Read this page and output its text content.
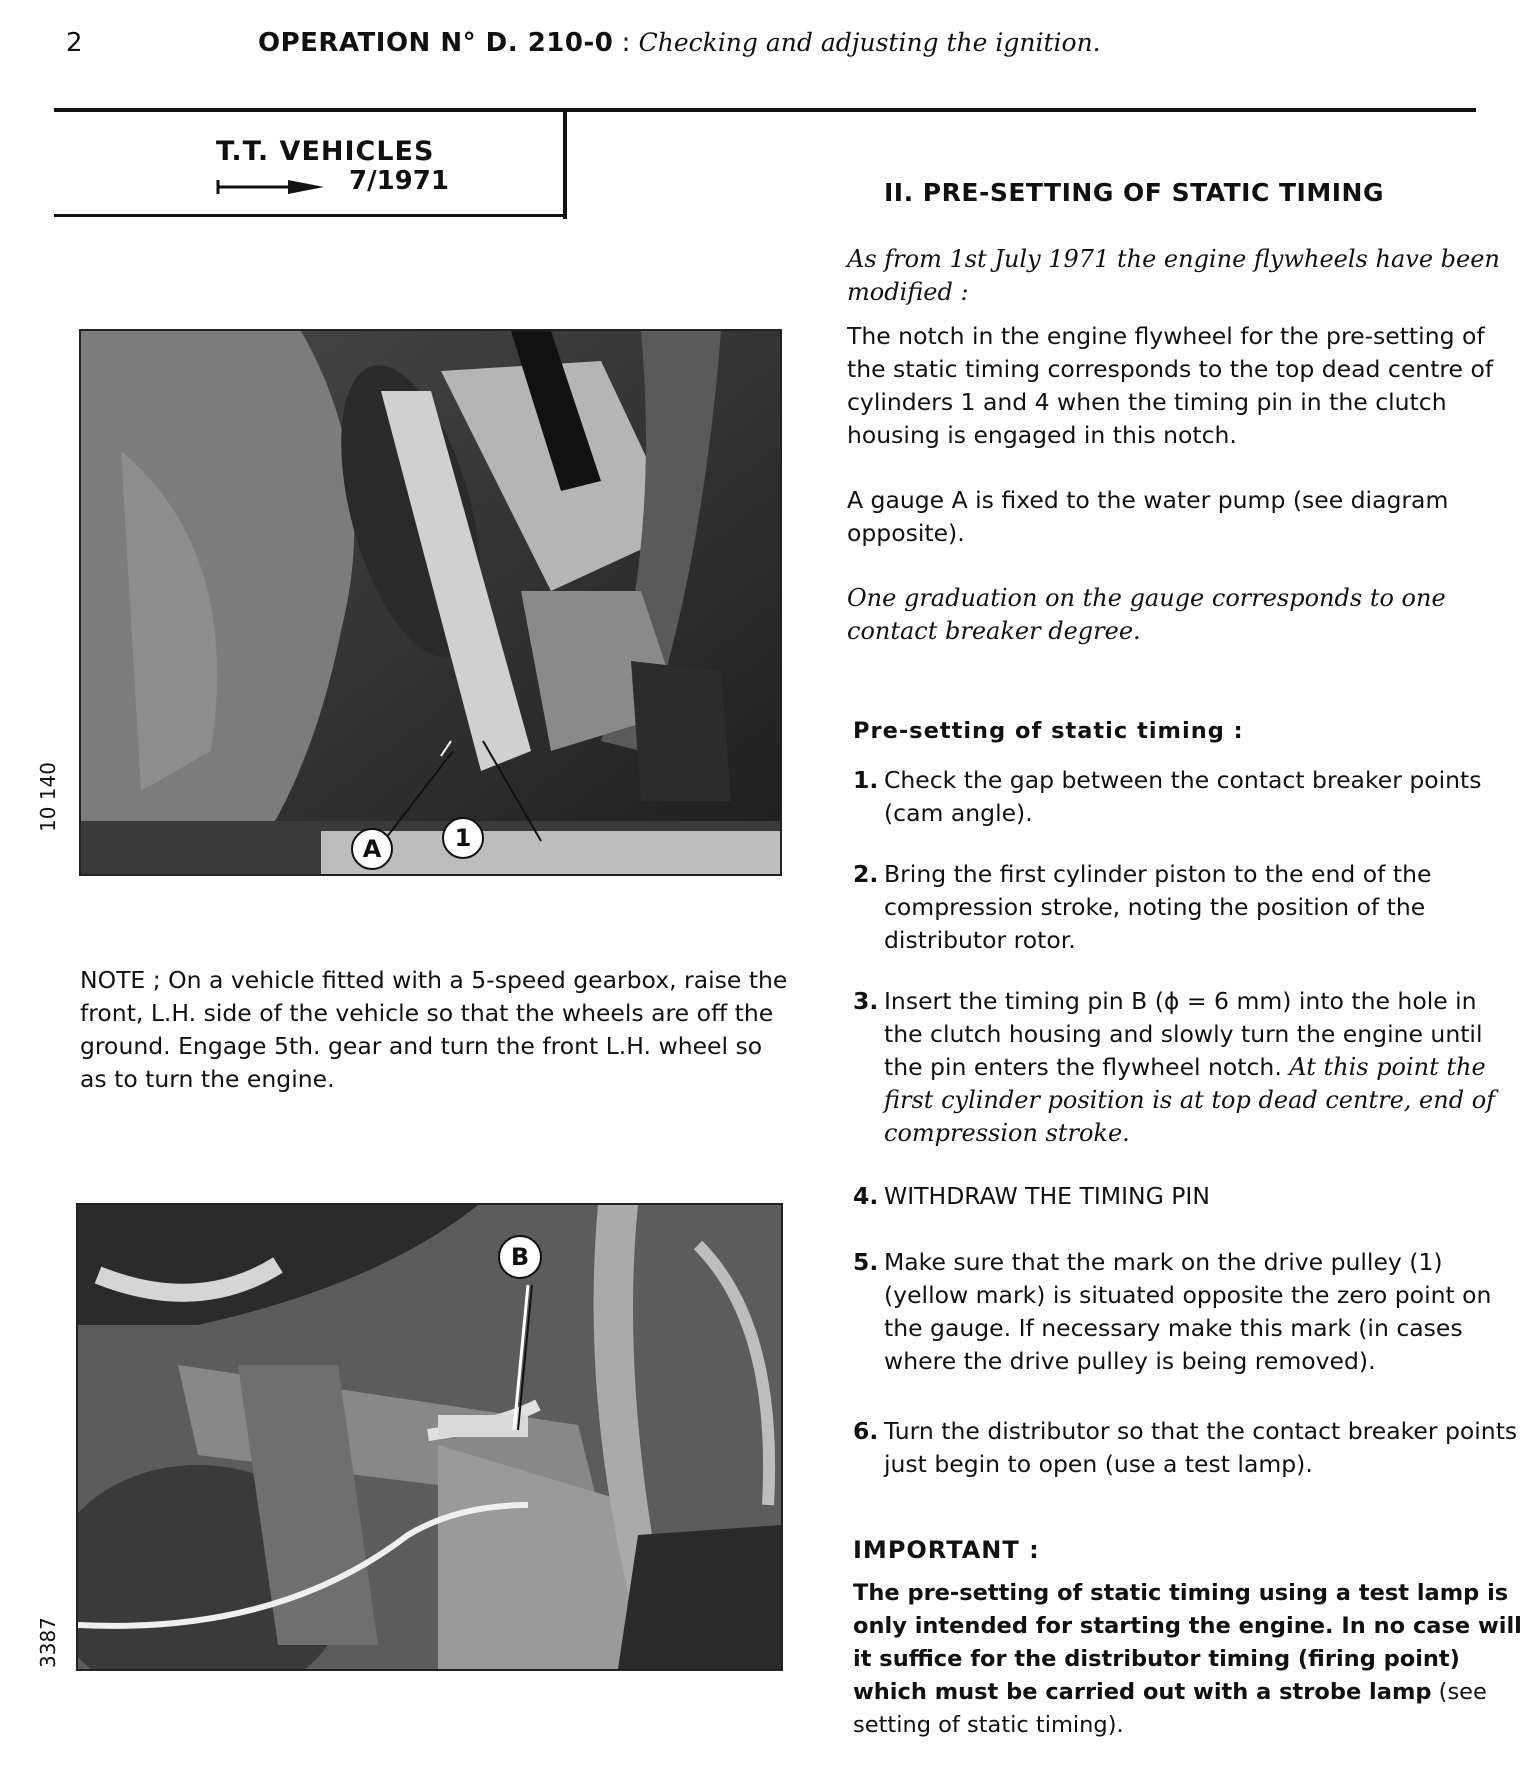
2	OPERATION N° D. 210-0 : Checking and adjusting the ignition.
T.T. VEHICLES
7/1971	II. PRE-SETTING OF STATIC TIMING
As from 1st July 1971 the engine flywheels have been modified :
The notch in the engine flywheel for the pre-setting of the static timing corresponds to the top dead centre of cylinders 1 and 4 when the timing pin in the clutch housing is engaged in this notch.
A gauge A is fixed to the water pump (see diagram opposite).
One graduation on the gauge corresponds to one contact breaker degree.
Pre-setting of static timing :
1. Check the gap between the contact breaker points (cam angle).
2. Bring the first cylinder piston to the end of the compression stroke, noting the position of the distributor rotor.
3. Insert the timing pin B (ϕ = 6 mm) into the hole in the clutch housing and slowly turn the engine until the pin enters the flywheel notch. At this point the first cylinder position is at top dead centre, end of compression stroke.
4. WITHDRAW THE TIMING PIN
5. Make sure that the mark on the drive pulley (1) (yellow mark) is situated opposite the zero point on the gauge. If necessary make this mark (in cases where the drive pulley is being removed).
6. Turn the distributor so that the contact breaker points just begin to open (use a test lamp).
IMPORTANT :
The pre-setting of static timing using a test lamp is only intended for starting the engine. In no case will it suffice for the distributor timing (firing point) which must be carried out with a strobe lamp (see setting of static timing).
10 140
A	1
NOTE ; On a vehicle fitted with a 5-speed gearbox, raise the front, L.H. side of the vehicle so that the wheels are off the ground. Engage 5th. gear and turn the front L.H. wheel so as to turn the engine.
3387
B
